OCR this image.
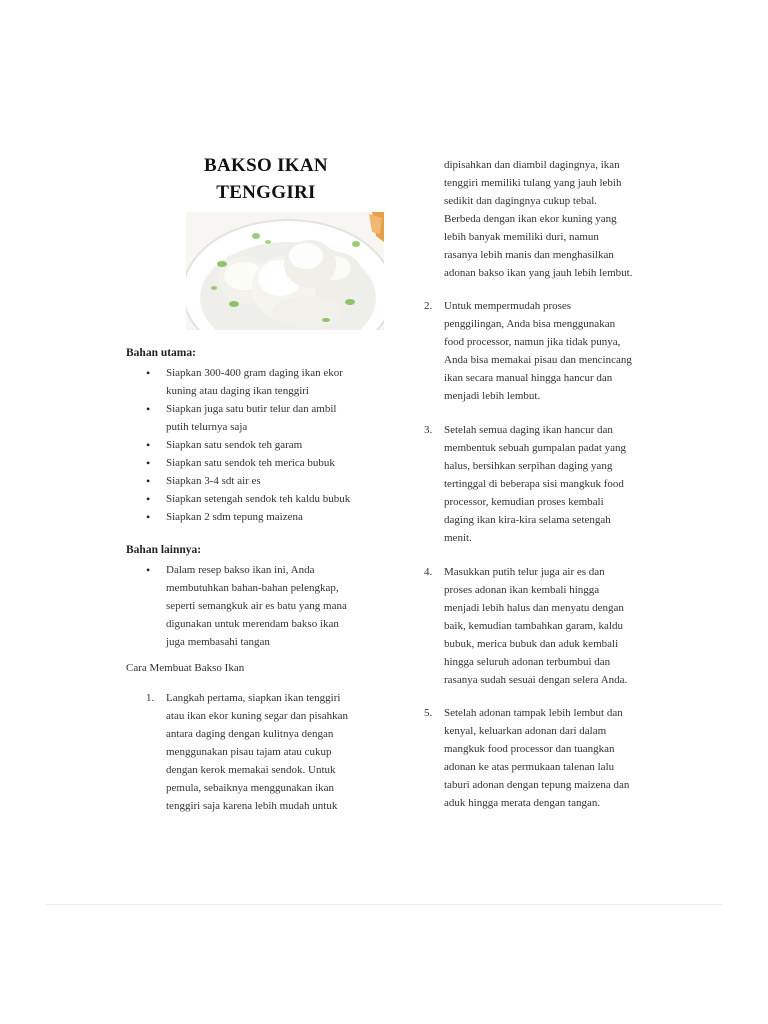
BAKSO IKAN
TENGGIRI
Bahan utama:
• Siapkan 300-400 gram daging ikan ekor
kuning atau daging ikan tenggiri
• Siapkan juga satu butir telur dan ambil
putih telurnya saja
• Siapkan satu sendok teh garam
• Siapkan satu sendok teh merica bubuk
• Siapkan 3-4 sdt air es
• Siapkan setengah sendok teh kaldu bubuk
• Siapkan 2 sdm tepung maizena
Bahan lainnya:
• Dalam resep bakso ikan ini, Anda
membutuhkan bahan-bahan pelengkap,
seperti semangkuk air es batu yang mana
digunakan untuk merendam bakso ikan
juga membasahi tangan
Cara Membuat Bakso Ikan
1. Langkah pertama, siapkan ikan tenggiri
atau ikan ekor kuning segar dan pisahkan
antara daging dengan kulitnya dengan
menggunakan pisau tajam atau cukup
dengan kerok memakai sendok. Untuk
pemula, sebaiknya menggunakan ikan
tenggiri saja karena lebih mudah untuk
dipisahkan dan diambil dagingnya, ikan
tenggiri memiliki tulang yang jauh lebih
sedikit dan dagingnya cukup tebal.
Berbeda dengan ikan ekor kuning yang
lebih banyak memiliki duri, namun
rasanya lebih manis dan menghasilkan
adonan bakso ikan yang jauh lebih lembut.
2. Untuk mempermudah proses
penggilingan, Anda bisa menggunakan
food processor, namun jika tidak punya,
Anda bisa memakai pisau dan mencincang
ikan secara manual hingga hancur dan
menjadi lebih lembut.
3. Setelah semua daging ikan hancur dan
membentuk sebuah gumpalan padat yang
halus, bersihkan serpihan daging yang
tertinggal di beberapa sisi mangkuk food
processor, kemudian proses kembali
daging ikan kira-kira selama setengah
menit.
4. Masukkan putih telur juga air es dan
proses adonan ikan kembali hingga
menjadi lebih halus dan menyatu dengan
baik, kemudian tambahkan garam, kaldu
bubuk, merica bubuk dan aduk kembali
hingga seluruh adonan terbumbui dan
rasanya sudah sesuai dengan selera Anda.
5. Setelah adonan tampak lebih lembut dan
kenyal, keluarkan adonan dari dalam
mangkuk food processor dan tuangkan
adonan ke atas permukaan talenan lalu
taburi adonan dengan tepung maizena dan
aduk hingga merata dengan tangan.
